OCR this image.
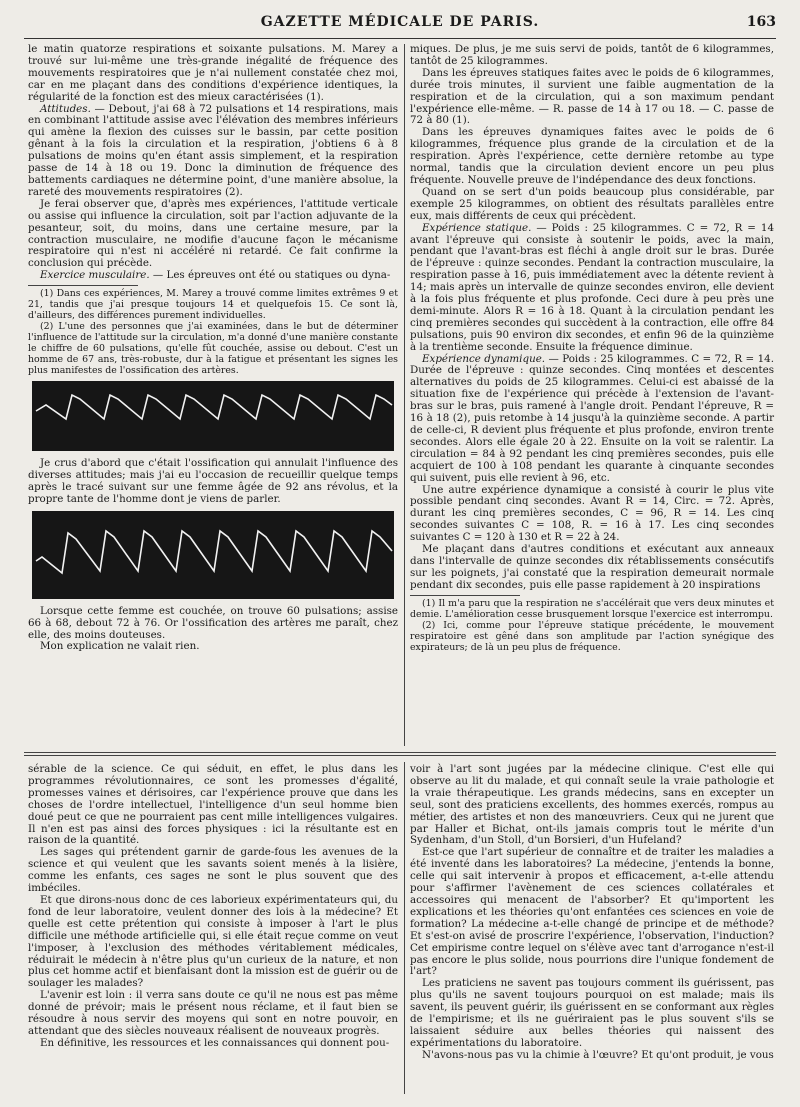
GAZETTE MÉDICALE DE PARIS.	163

le matin quatorze respirations et soixante pulsations. M. Marey a trouvé sur lui-même une très-grande inégalité de fréquence des mouvements respiratoires que je n'ai nullement constatée chez moi, car en me plaçant dans des conditions d'expérience identiques, la régularité de la fonction est des mieux caractérisées (1).

Attitudes. — Debout, j'ai 68 à 72 pulsations et 14 respirations, mais en combinant l'attitude assise avec l'élévation des membres inférieurs qui amène la flexion des cuisses sur le bassin, par cette position gênant à la fois la circulation et la respiration, j'obtiens 6 à 8 pulsations de moins qu'en étant assis simplement, et la respiration passe de 14 à 18 ou 19. Donc la diminution de fréquence des battements cardiaques ne détermine point, d'une manière absolue, la rareté des mouvements respiratoires (2).

Je ferai observer que, d'après mes expériences, l'attitude verticale ou assise qui influence la circulation, soit par l'action adjuvante de la pesanteur, soit, du moins, dans une certaine mesure, par la contraction musculaire, ne modifie d'aucune façon le mécanisme respiratoire qui n'est ni accéléré ni retardé. Ce fait confirme la conclusion qui précède.

Exercice musculaire. — Les épreuves ont été ou statiques ou dyna-

(1) Dans ces expériences, M. Marey a trouvé comme limites extrêmes 9 et 21, tandis que j'ai presque toujours 14 et quelquefois 15. Ce sont là, d'ailleurs, des différences purement individuelles.

(2) L'une des personnes que j'ai examinées, dans le but de déterminer l'influence de l'attitude sur la circulation, m'a donné d'une manière constante le chiffre de 60 pulsations, qu'elle fût couchée, assise ou debout. C'est un homme de 67 ans, très-robuste, dur à la fatigue et présentant les signes les plus manifestes de l'ossification des artères.

Je crus d'abord que c'était l'ossification qui annulait l'influence des diverses attitudes; mais j'ai eu l'occasion de recueillir quelque temps après le tracé suivant sur une femme âgée de 92 ans révolus, et la propre tante de l'homme dont je viens de parler.

Lorsque cette femme est couchée, on trouve 60 pulsations; assise 66 à 68, debout 72 à 76. Or l'ossification des artères me paraît, chez elle, des moins douteuses.

Mon explication ne valait rien.

miques. De plus, je me suis servi de poids, tantôt de 6 kilogrammes, tantôt de 25 kilogrammes.

Dans les épreuves statiques faites avec le poids de 6 kilogrammes, durée trois minutes, il survient une faible augmentation de la respiration et de la circulation, qui a son maximum pendant l'expérience elle-même. — R. passe de 14 à 17 ou 18. — C. passe de 72 à 80 (1).

Dans les épreuves dynamiques faites avec le poids de 6 kilogrammes, fréquence plus grande de la circulation et de la respiration. Après l'expérience, cette dernière retombe au type normal, tandis que la circulation devient encore un peu plus fréquente. Nouvelle preuve de l'indépendance des deux fonctions.

Quand on se sert d'un poids beaucoup plus considérable, par exemple 25 kilogrammes, on obtient des résultats parallèles entre eux, mais différents de ceux qui précèdent.

Expérience statique. — Poids : 25 kilogrammes. C = 72, R = 14 avant l'épreuve qui consiste à soutenir le poids, avec la main, pendant que l'avant-bras est fléchi à angle droit sur le bras. Durée de l'épreuve : quinze secondes. Pendant la contraction musculaire, la respiration passe à 16, puis immédiatement avec la détente revient à 14; mais après un intervalle de quinze secondes environ, elle devient à la fois plus fréquente et plus profonde. Ceci dure à peu près une demi-minute. Alors R = 16 à 18. Quant à la circulation pendant les cinq premières secondes qui succèdent à la contraction, elle offre 84 pulsations, puis 90 environ dix secondes, et enfin 96 de la quinzième à la trentième seconde. Ensuite la fréquence diminue.

Expérience dynamique. — Poids : 25 kilogrammes. C = 72, R = 14. Durée de l'épreuve : quinze secondes. Cinq montées et descentes alternatives du poids de 25 kilogrammes. Celui-ci est abaissé de la situation fixe de l'expérience qui précède à l'extension de l'avant-bras sur le bras, puis ramené à l'angle droit. Pendant l'épreuve, R = 16 à 18 (2), puis retombe à 14 jusqu'à la quinzième seconde. A partir de celle-ci, R devient plus fréquente et plus profonde, environ trente secondes. Alors elle égale 20 à 22. Ensuite on la voit se ralentir. La circulation = 84 à 92 pendant les cinq premières secondes, puis elle acquiert de 100 à 108 pendant les quarante à cinquante secondes qui suivent, puis elle revient à 96, etc.

Une autre expérience dynamique a consisté à courir le plus vite possible pendant cinq secondes. Avant R = 14, Circ. = 72. Après, durant les cinq premières secondes, C = 96, R = 14. Les cinq secondes suivantes C = 108, R. = 16 à 17. Les cinq secondes suivantes C = 120 à 130 et R = 22 à 24.

Me plaçant dans d'autres conditions et exécutant aux anneaux dans l'intervalle de quinze secondes dix rétablissements consécutifs sur les poignets, j'ai constaté que la respiration demeurait normale pendant dix secondes, puis elle passe rapidement à 20 inspirations

(1) Il m'a paru que la respiration ne s'accélérait que vers deux minutes et demie. L'amélioration cesse brusquement lorsque l'exercice est interrompu.

(2) Ici, comme pour l'épreuve statique précédente, le mouvement respiratoire est gêné dans son amplitude par l'action synégique des expirateurs; de là un peu plus de fréquence.

sérable de la science. Ce qui séduit, en effet, le plus dans les programmes révolutionnaires, ce sont les promesses d'égalité, promesses vaines et dérisoires, car l'expérience prouve que dans les choses de l'ordre intellectuel, l'intelligence d'un seul homme bien doué peut ce que ne pourraient pas cent mille intelligences vulgaires. Il n'en est pas ainsi des forces physiques : ici la résultante est en raison de la quantité.

Les sages qui prétendent garnir de garde-fous les avenues de la science et qui veulent que les savants soient menés à la lisière, comme les enfants, ces sages ne sont le plus souvent que des imbéciles.

Et que dirons-nous donc de ces laborieux expérimentateurs qui, du fond de leur laboratoire, veulent donner des lois à la médecine? Et quelle est cette prétention qui consiste à imposer à l'art le plus difficile une méthode artificielle qui, si elle était reçue comme on veut l'imposer, à l'exclusion des méthodes véritablement médicales, réduirait le médecin à n'être plus qu'un curieux de la nature, et non plus cet homme actif et bienfaisant dont la mission est de guérir ou de soulager les malades?

L'avenir est loin : il verra sans doute ce qu'il ne nous est pas même donné de prévoir; mais le présent nous réclame, et il faut bien se résoudre à nous servir des moyens qui sont en notre pouvoir, en attendant que des siècles nouveaux réalisent de nouveaux progrès.

En définitive, les ressources et les connaissances qui donnent pou-

voir à l'art sont jugées par la médecine clinique. C'est elle qui observe au lit du malade, et qui connaît seule la vraie pathologie et la vraie thérapeutique. Les grands médecins, sans en excepter un seul, sont des praticiens excellents, des hommes exercés, rompus au métier, des artistes et non des manœuvriers. Ceux qui ne jurent que par Haller et Bichat, ont-ils jamais compris tout le mérite d'un Sydenham, d'un Stoll, d'un Borsieri, d'un Hufeland?

Est-ce que l'art supérieur de connaître et de traiter les maladies a été inventé dans les laboratoires? La médecine, j'entends la bonne, celle qui sait intervenir à propos et efficacement, a-t-elle attendu pour s'affirmer l'avènement de ces sciences collatérales et accessoires qui menacent de l'absorber? Et qu'importent les explications et les théories qu'ont enfantées ces sciences en voie de formation? La médecine a-t-elle changé de principe et de méthode? Et s'est-on avisé de proscrire l'expérience, l'observation, l'induction? Cet empirisme contre lequel on s'élève avec tant d'arrogance n'est-il pas encore le plus solide, nous pourrions dire l'unique fondement de l'art?

Les praticiens ne savent pas toujours comment ils guérissent, pas plus qu'ils ne savent toujours pourquoi on est malade; mais ils savent, ils peuvent guérir, ils guérissent en se conformant aux règles de l'empirisme; et ils ne guériraient pas le plus souvent s'ils se laissaient séduire aux belles théories qui naissent des expérimentations du laboratoire.

N'avons-nous pas vu la chimie à l'œuvre? Et qu'ont produit, je vous
